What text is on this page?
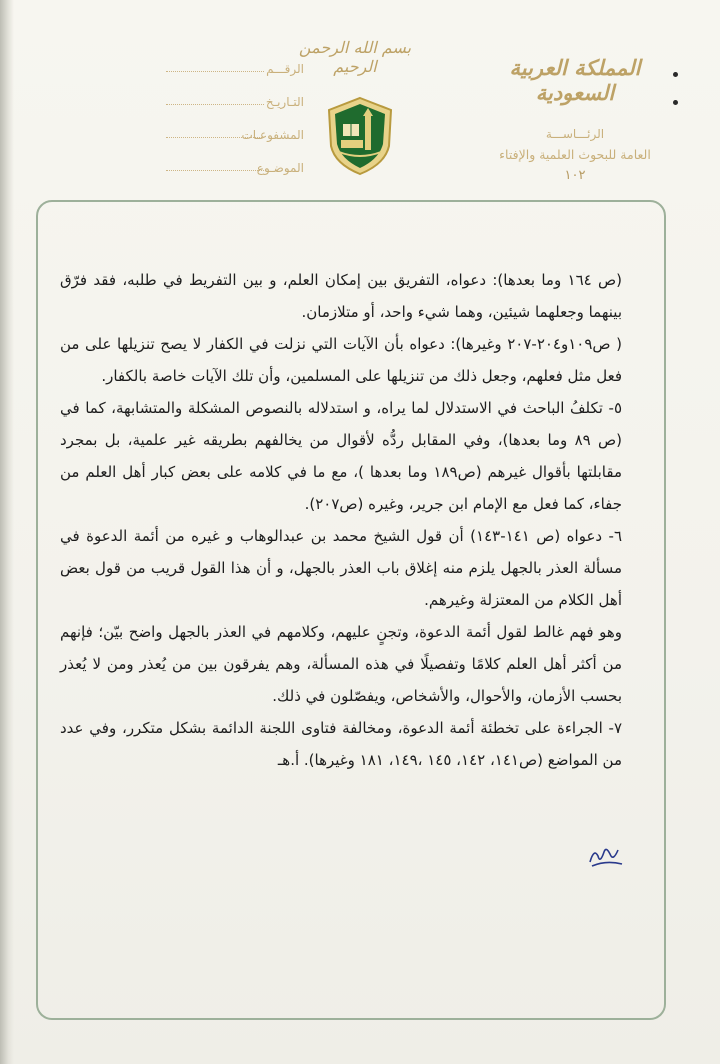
المملكة العربية السعودية
الرئـــاســـة
العامة للبحوث العلمية والإفتاء
١٠٢
بسم الله الرحمن الرحيم
الرقـــم
التـاريـخ
المشفوعـات
الموضـوع

(ص ١٦٤ وما بعدها): دعواه، التفريق بين إمكان العلم، و بين التفريط في طلبه، فقد فرّق بينهما وجعلهما شيئين، وهما شيء واحد، أو متلازمان.

( ص١٠٩و٢٠٤-٢٠٧ وغيرها): دعواه بأن الآيات التي نزلت في الكفار لا يصح تنزيلها على من فعل مثل فعلهم، وجعل ذلك من تنزيلها على المسلمين، وأن تلك الآيات خاصة بالكفار.

٥- تكلفُ الباحث في الاستدلال لما يراه، و استدلاله بالنصوص المشكلة والمتشابهة، كما في (ص ٨٩ وما بعدها)، وفي المقابل ردُّه لأقوال من يخالفهم بطريقه غير علمية، بل بمجرد مقابلتها بأقوال غيرهم (ص١٨٩ وما بعدها )، مع ما في كلامه على بعض كبار أهل العلم من جفاء، كما فعل مع الإمام ابن جرير، وغيره (ص٢٠٧).

٦- دعواه (ص ١٤١-١٤٣) أن قول الشيخ محمد بن عبدالوهاب و غيره من أئمة الدعوة في مسألة العذر بالجهل يلزم منه إغلاق باب العذر بالجهل، و أن هذا القول قريب من قول بعض أهل الكلام من المعتزلة وغيرهم.

وهو فهم غالط لقول أئمة الدعوة، وتجنٍ عليهم، وكلامهم في العذر بالجهل واضح بيّن؛ فإنهم من أكثر أهل العلم كلامًا وتفصيلًا في هذه المسألة، وهم يفرقون بين من يُعذر ومن لا يُعذر بحسب الأزمان، والأحوال، والأشخاص، ويفصّلون في ذلك.

٧- الجراءة على تخطئة أئمة الدعوة، ومخالفة فتاوى اللجنة الدائمة بشكل متكرر، وفي عدد من المواضع (ص١٤١، ١٤٢، ١٤٥ ،١٤٩، ١٨١ وغيرها). أ.هـ
